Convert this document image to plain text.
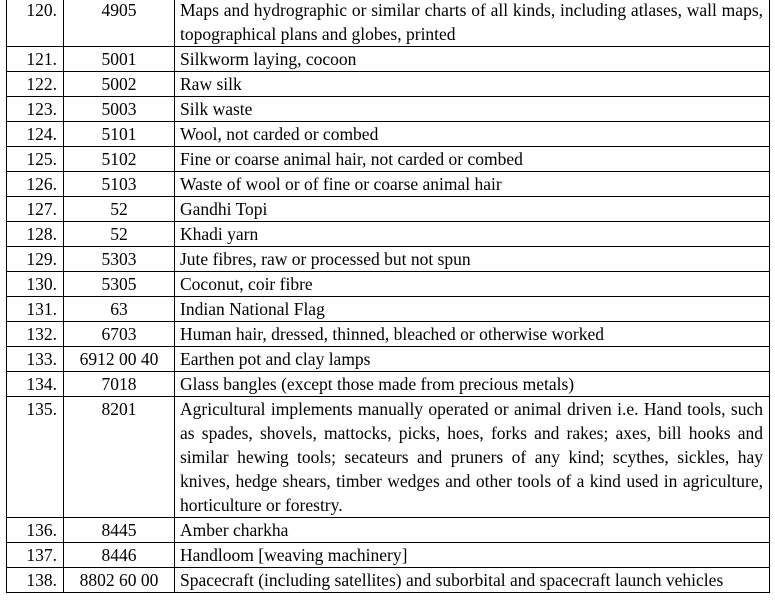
120.	4905	Maps and hydrographic or similar charts of all kinds, including atlases, wall maps, topographical plans and globes, printed
121.	5001	Silkworm laying, cocoon
122.	5002	Raw silk
123.	5003	Silk waste
124.	5101	Wool, not carded or combed
125.	5102	Fine or coarse animal hair, not carded or combed
126.	5103	Waste of wool or of fine or coarse animal hair
127.	52	Gandhi Topi
128.	52	Khadi yarn
129.	5303	Jute fibres, raw or processed but not spun
130.	5305	Coconut, coir fibre
131.	63	Indian National Flag
132.	6703	Human hair, dressed, thinned, bleached or otherwise worked
133.	6912 00 40	Earthen pot and clay lamps
134.	7018	Glass bangles (except those made from precious metals)
135.	8201	Agricultural implements manually operated or animal driven i.e. Hand tools, such as spades, shovels, mattocks, picks, hoes, forks and rakes; axes, bill hooks and similar hewing tools; secateurs and pruners of any kind; scythes, sickles, hay knives, hedge shears, timber wedges and other tools of a kind used in agriculture, horticulture or forestry.
136.	8445	Amber charkha
137.	8446	Handloom [weaving machinery]
138.	8802 60 00	Spacecraft (including satellites) and suborbital and spacecraft launch vehicles
